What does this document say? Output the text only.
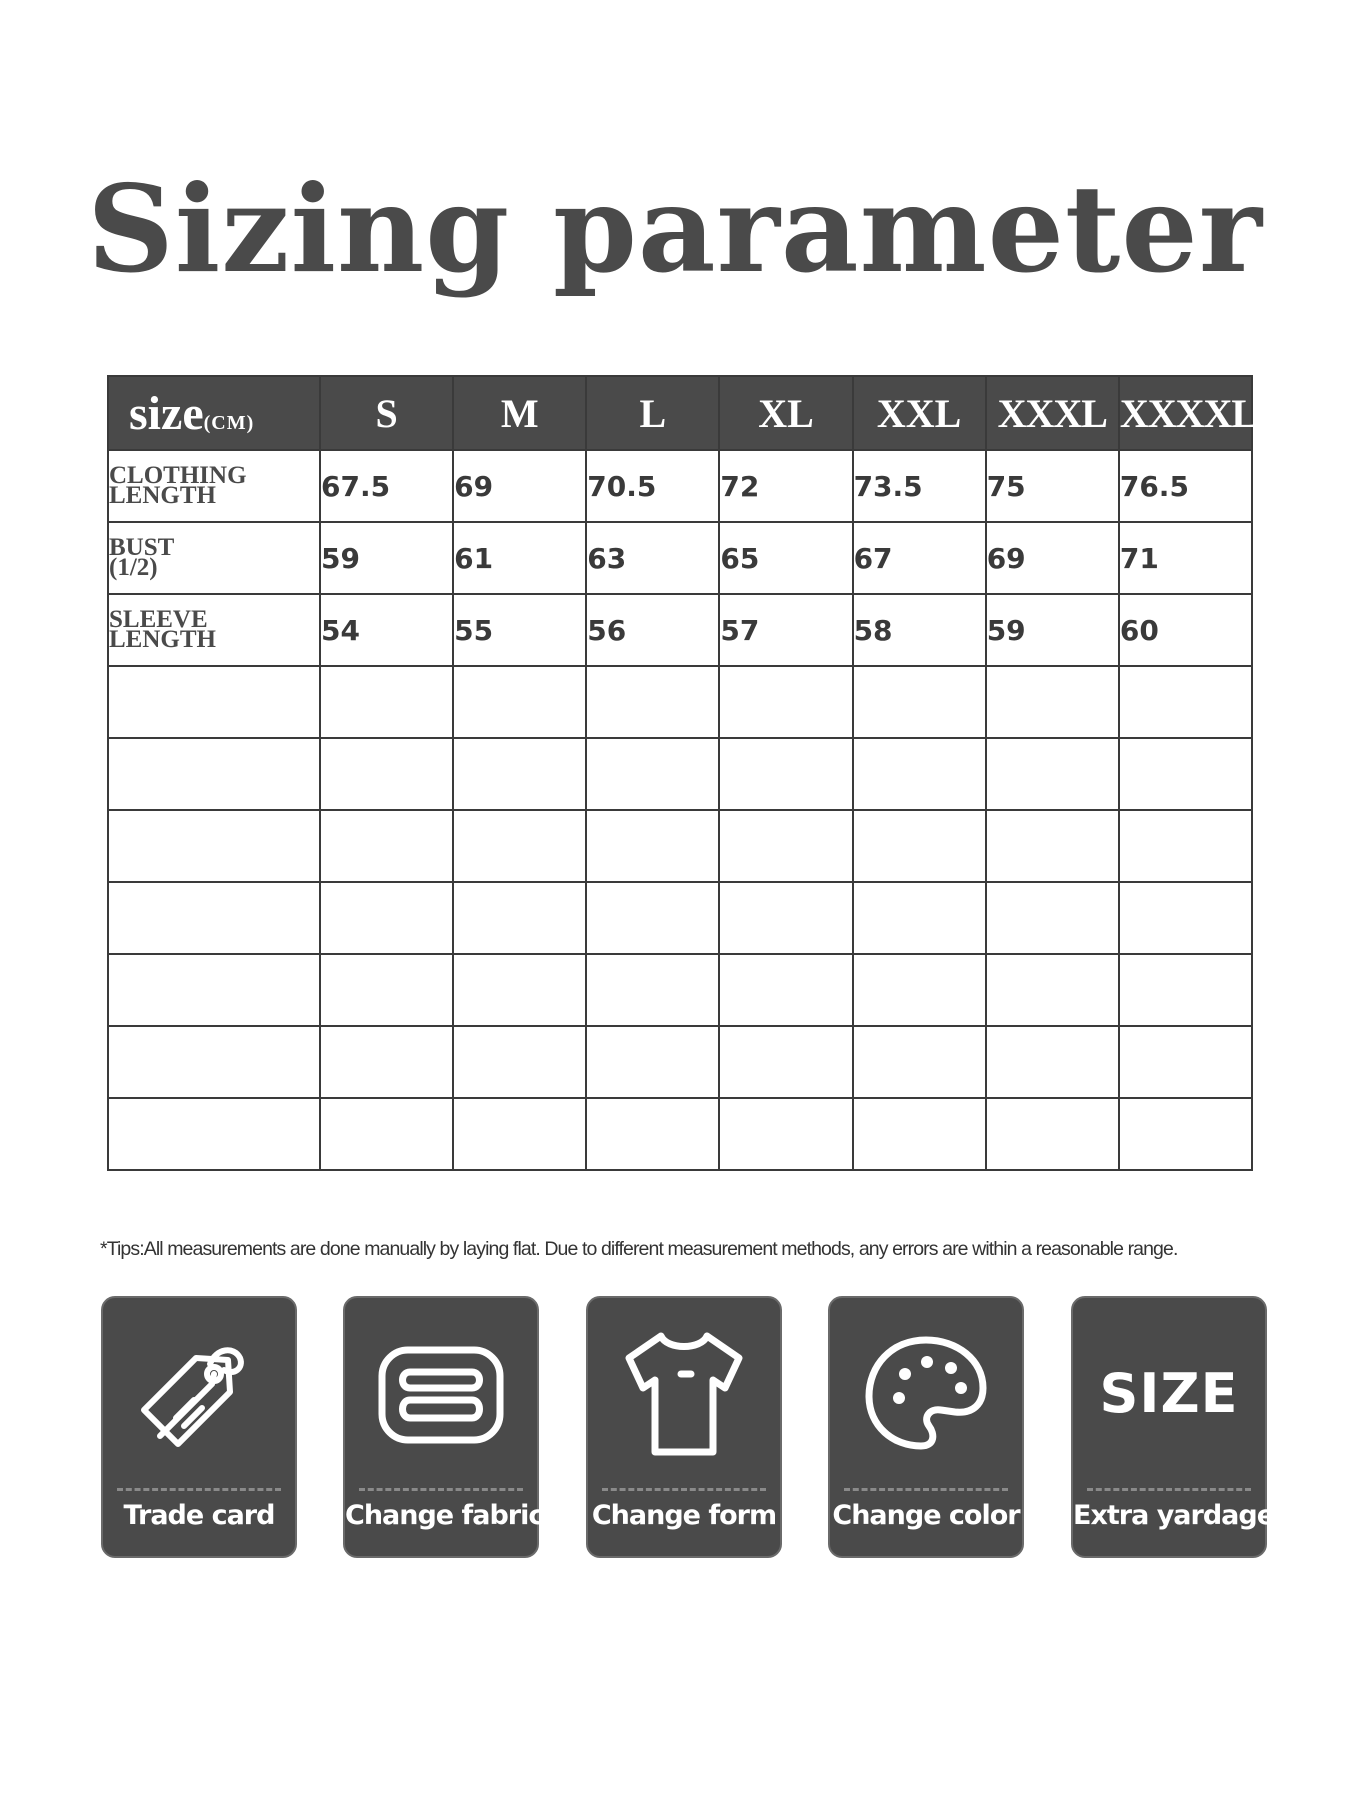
Sizing parameter
size(CM)	S	M	L	XL	XXL	XXXL	XXXXL

CLOTHING
LENGTH	67.5	69	70.5	72	73.5	75	76.5

BUST
(1/2)	59	61	63	65	67	69	71

SLEEVE
LENGTH	54	55	56	57	58	59	60

*Tips:All measurements are done manually by laying flat. Due to different measurement methods, any errors are within a reasonable range.
Trade card	Change fabric Change form Change color
SIZE
Extra yardage
